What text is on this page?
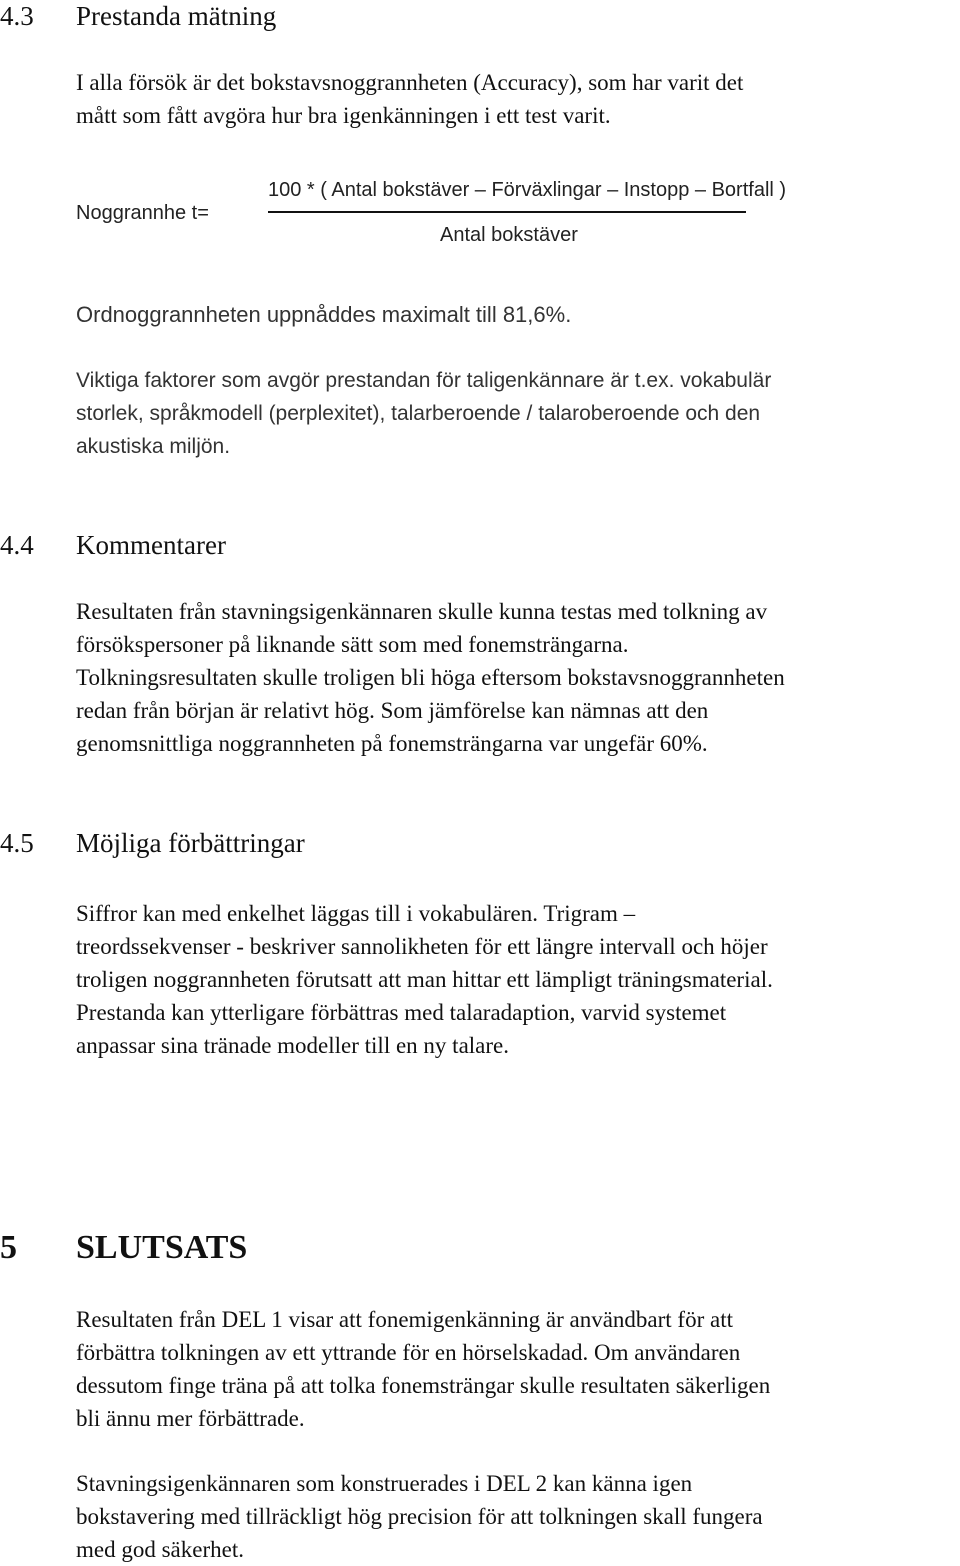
4.3 Prestanda mätning
I alla försök är det bokstavsnoggrannheten (Accuracy), som har varit det
mått som fått avgöra hur bra igenkänningen i ett test varit.
Noggrannhe t=
100 * ( Antal bokstäver – Förväxlingar – Instopp – Bortfall )
Antal bokstäver
Ordnoggrannheten uppnåddes maximalt till 81,6%.
Viktiga faktorer som avgör prestandan för taligenkännare är t.ex. vokabulär
storlek, språkmodell (perplexitet), talarberoende / talaroberoende och den
akustiska miljön.
4.4 Kommentarer
Resultaten från stavningsigenkännaren skulle kunna testas med tolkning av
försökspersoner på liknande sätt som med fonemsträngarna.
Tolkningsresultaten skulle troligen bli höga eftersom bokstavsnoggrannheten
redan från början är relativt hög. Som jämförelse kan nämnas att den
genomsnittliga noggrannheten på fonemsträngarna var ungefär 60%.
4.5 Möjliga förbättringar
Siffror kan med enkelhet läggas till i vokabulären. Trigram –
treordssekvenser - beskriver sannolikheten för ett längre intervall och höjer
troligen noggrannheten förutsatt att man hittar ett lämpligt träningsmaterial.
Prestanda kan ytterligare förbättras med talaradaption, varvid systemet
anpassar sina tränade modeller till en ny talare.
5 SLUTSATS
Resultaten från DEL 1 visar att fonemigenkänning är användbart för att
förbättra tolkningen av ett yttrande för en hörselskadad. Om användaren
dessutom finge träna på att tolka fonemsträngar skulle resultaten säkerligen
bli ännu mer förbättrade.
Stavningsigenkännaren som konstruerades i DEL 2 kan känna igen
bokstavering med tillräckligt hög precision för att tolkningen skall fungera
med god säkerhet.
